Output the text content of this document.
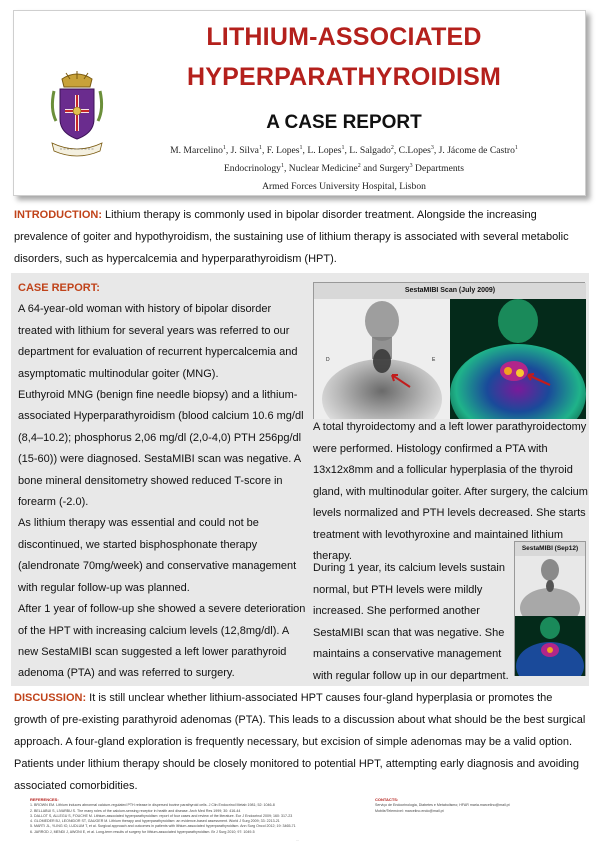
LITHIUM-ASSOCIATED
HYPERPARATHYROIDISM
A CASE REPORT
M. Marcelino$^1$, J. Silva$^1$, F. Lopes$^1$, L. Lopes$^1$, L. Salgado$^2$, C.Lopes$^3$, J. Jácome de Castro$^1$
Endocrinology$^1$, Nuclear Medicine$^2$ and Surgery$^3$ Departments
Armed Forces University Hospital, Lisbon
INTRODUCTION: Lithium therapy is commonly used in bipolar disorder treatment. Alongside the increasing prevalence of goiter and hypothyroidism, the sustaining use of lithium therapy is associated with several metabolic disorders, such as hypercalcemia and hyperparathyroidism (HPT).
CASE REPORT:

A 64-year-old woman with history of bipolar disorder treated with lithium for several years was referred to our department for evaluation of recurrent hypercalcemia and asymptomatic multinodular goiter (MNG).

Euthyroid MNG (benign fine needle biopsy) and a lithium-associated Hyperparathyroidism (blood calcium 10.6 mg/dl (8,4–10.2); phosphorus 2,06 mg/dl (2,0-4,0) PTH 256pg/dl (15-60)) were diagnosed. SestaMIBI scan was negative. A bone mineral densitometry showed reduced T-score in forearm (-2.0).

As lithium therapy was essential and could not be discontinued, we started bisphosphonate therapy (alendronate 70mg/week) and conservative management with regular follow-up was planned.

After 1 year of follow-up she showed a severe deterioration of the HPT with increasing calcium levels (12,8mg/dl). A new SestaMIBI scan suggested a left lower parathyroid adenoma (PTA) and was referred to surgery.

SestaMIBI Scan (July 2009)
D	E
A total thyroidectomy and a left lower parathyroidectomy were performed. Histology confirmed a PTA with 13x12x8mm and a follicular hyperplasia of the thyroid gland, with multinodular goiter. After surgery, the calcium levels normalized and PTH levels decreased. She starts treatment with levothyroxine and maintained lithium therapy.
During 1 year, its calcium levels sustain normal, but PTH levels were mildly increased. She performed another SestaMIBI scan that was negative. She maintains a conservative management with regular follow up in our department.
SestaMIBI (Sep12)
DISCUSSION: It is still unclear whether lithium-associated HPT causes four-gland hyperplasia or promotes the growth of pre-existing parathyroid adenomas (PTA). This leads to a discussion about what should be the best surgical approach. A four-gland exploration is frequently necessary, but excision of simple adenomas may be a valid option. Patients under lithium therapy should be closely monitored to potential HPT, attempting early diagnosis and avoiding associated comorbidities.
REFERENCES:
1. BROWN EM. Lithium induces abnormal calcium-regulated PTH release in dispersed bovine parathyroid cells. J Clin Endocrinol Metab 1981; 52: 1046-8
2. BELLABUI S, LIVARBU S. The many roles of the calcium-sensing receptor in health and disease. Arch Med Res 1999; 30: 416-44
3. DALLOT S, ALLEGU S, FOUCHE M. Lithium-associated hyperparathyroidism: report of four cases and review of the literature. Eur J Endocrinol 2009; 160: 317-23
4. GLOMEDER BJ, LEONIDOR ST, GAUGER M. Lithium therapy and hyperparathyroidism: an evidence-based assessment. World J Surg 2009; 33: 2213-21
5. MARTI JL, YLING IO, LUDLUM T, et al. Surgical approach and outcomes in patients with lithium-associated hyperparathyroidism. Ann Surg Oncol 2012; 19: 3465-71
6. JARROD J, MENDI J, AWONI E, et al. Long-term results of surgery for lithium-associated hyperparathyroidism. Br J Surg 2010; 97: 1049-5
CONTACTS:
Serviço de Endocrinologia, Diabetes e Metabolismo; HFAR maria.marcelino@mail.pt
Mobile/Telemóvel: marcelino.endo@mail.pt
...
